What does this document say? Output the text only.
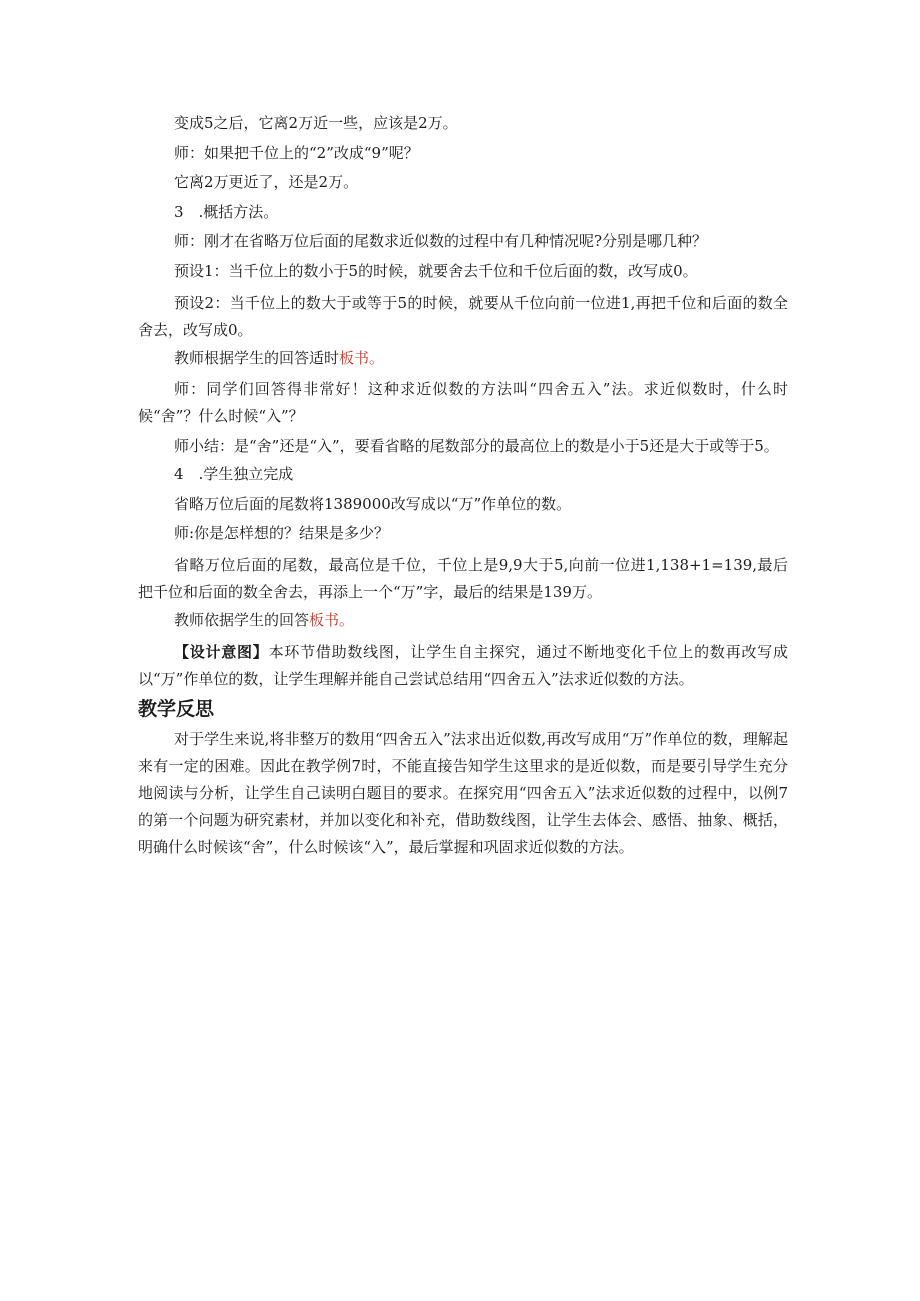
变成5之后，它离2万近一些，应该是2万。

师：如果把千位上的“2”改成“9”呢？

它离2万更近了，还是2万。

3　.概括方法。

师：刚才在省略万位后面的尾数求近似数的过程中有几种情况呢?分别是哪几种？

预设1：当千位上的数小于5的时候，就要舍去千位和千位后面的数，改写成0。

预设2：当千位上的数大于或等于5的时候，就要从千位向前一位进1,再把千位和后面的数全舍去，改写成0。

教师根据学生的回答适时板书。

师：同学们回答得非常好！这种求近似数的方法叫“四舍五入”法。求近似数时，什么时候“舍”？什么时候“入”？

师小结：是“舍”还是“入”，要看省略的尾数部分的最高位上的数是小于5还是大于或等于5。

4　.学生独立完成

省略万位后面的尾数将1389000改写成以“万”作单位的数。

师:你是怎样想的？结果是多少？

省略万位后面的尾数，最高位是千位，千位上是9,9大于5,向前一位进1,138+1=139,最后把千位和后面的数全舍去，再添上一个“万”字，最后的结果是139万。

教师依据学生的回答板书。

【设计意图】本环节借助数线图，让学生自主探究，通过不断地变化千位上的数再改写成以“万”作单位的数，让学生理解并能自己尝试总结用“四舍五入”法求近似数的方法。

教学反思

对于学生来说,将非整万的数用“四舍五入”法求出近似数,再改写成用“万”作单位的数，理解起来有一定的困难。因此在教学例7时，不能直接告知学生这里求的是近似数，而是要引导学生充分地阅读与分析，让学生自己读明白题目的要求。在探究用“四舍五入”法求近似数的过程中，以例7的第一个问题为研究素材，并加以变化和补充，借助数线图，让学生去体会、感悟、抽象、概括，明确什么时候该“舍”，什么时候该“入”，最后掌握和巩固求近似数的方法。
